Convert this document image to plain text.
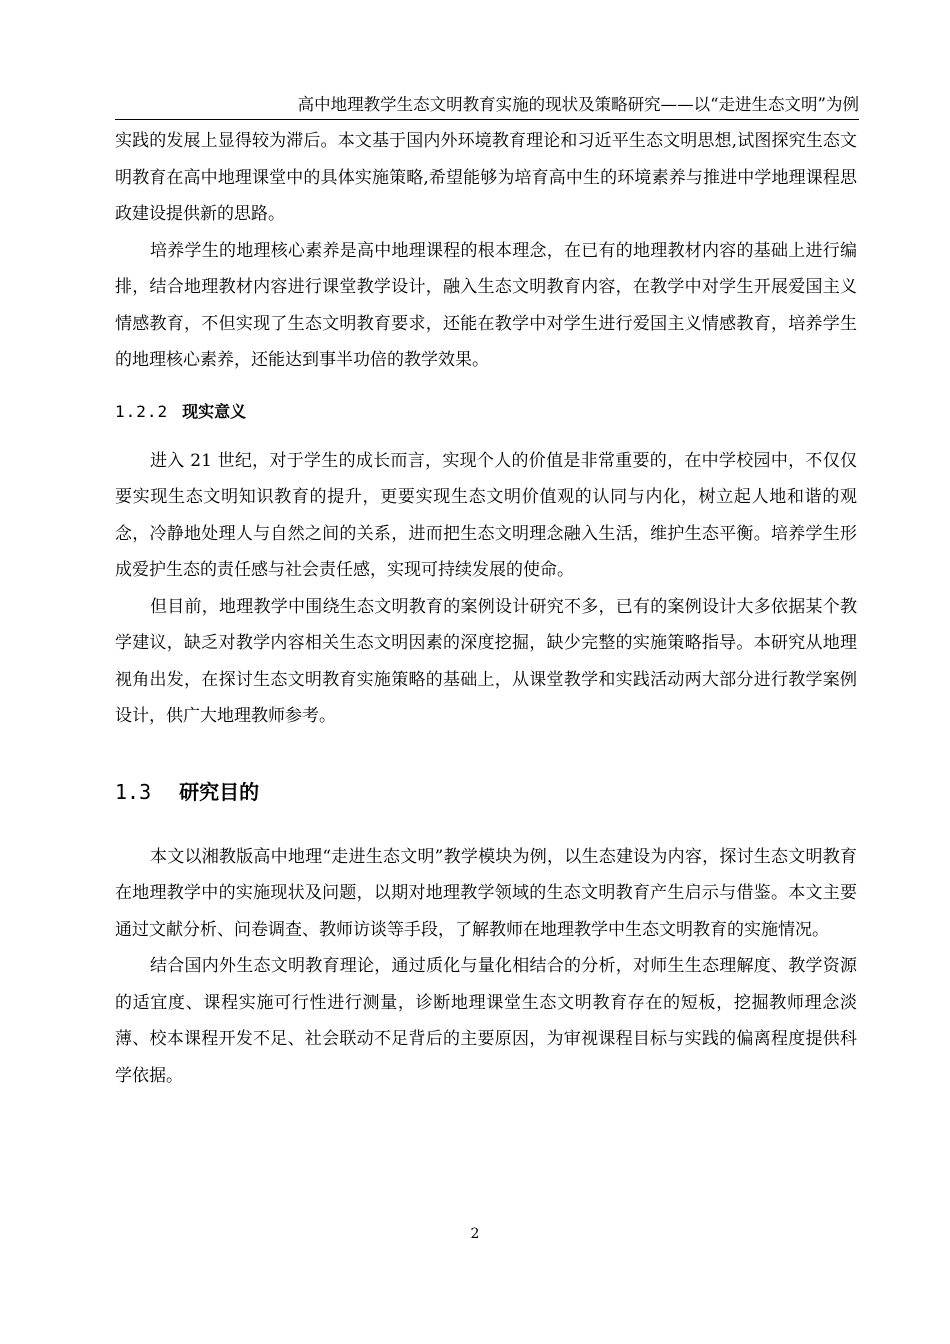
高中地理教学生态文明教育实施的现状及策略研究——以“走进生态文明”为例

实践的发展上显得较为滞后。本文基于国内外环境教育理论和习近平生态文明思想,试图探究生态文明教育在高中地理课堂中的具体实施策略,希望能够为培育高中生的环境素养与推进中学地理课程思政建设提供新的思路。

培养学生的地理核心素养是高中地理课程的根本理念，在已有的地理教材内容的基础上进行编排，结合地理教材内容进行课堂教学设计，融入生态文明教育内容，在教学中对学生开展爱国主义情感教育，不但实现了生态文明教育要求，还能在教学中对学生进行爱国主义情感教育，培养学生的地理核心素养，还能达到事半功倍的教学效果。

1.2.2 现实意义

进入 21 世纪，对于学生的成长而言，实现个人的价值是非常重要的，在中学校园中，不仅仅要实现生态文明知识教育的提升，更要实现生态文明价值观的认同与内化，树立起人地和谐的观念，冷静地处理人与自然之间的关系，进而把生态文明理念融入生活，维护生态平衡。培养学生形成爱护生态的责任感与社会责任感，实现可持续发展的使命。

但目前，地理教学中围绕生态文明教育的案例设计研究不多，已有的案例设计大多依据某个教学建议，缺乏对教学内容相关生态文明因素的深度挖掘，缺少完整的实施策略指导。本研究从地理视角出发，在探讨生态文明教育实施策略的基础上，从课堂教学和实践活动两大部分进行教学案例设计，供广大地理教师参考。

1.3 研究目的

本文以湘教版高中地理“走进生态文明”教学模块为例，以生态建设为内容，探讨生态文明教育在地理教学中的实施现状及问题，以期对地理教学领域的生态文明教育产生启示与借鉴。本文主要通过文献分析、问卷调查、教师访谈等手段，了解教师在地理教学中生态文明教育的实施情况。

结合国内外生态文明教育理论，通过质化与量化相结合的分析，对师生生态理解度、教学资源的适宜度、课程实施可行性进行测量，诊断地理课堂生态文明教育存在的短板，挖掘教师理念淡薄、校本课程开发不足、社会联动不足背后的主要原因，为审视课程目标与实践的偏离程度提供科学依据。

2
